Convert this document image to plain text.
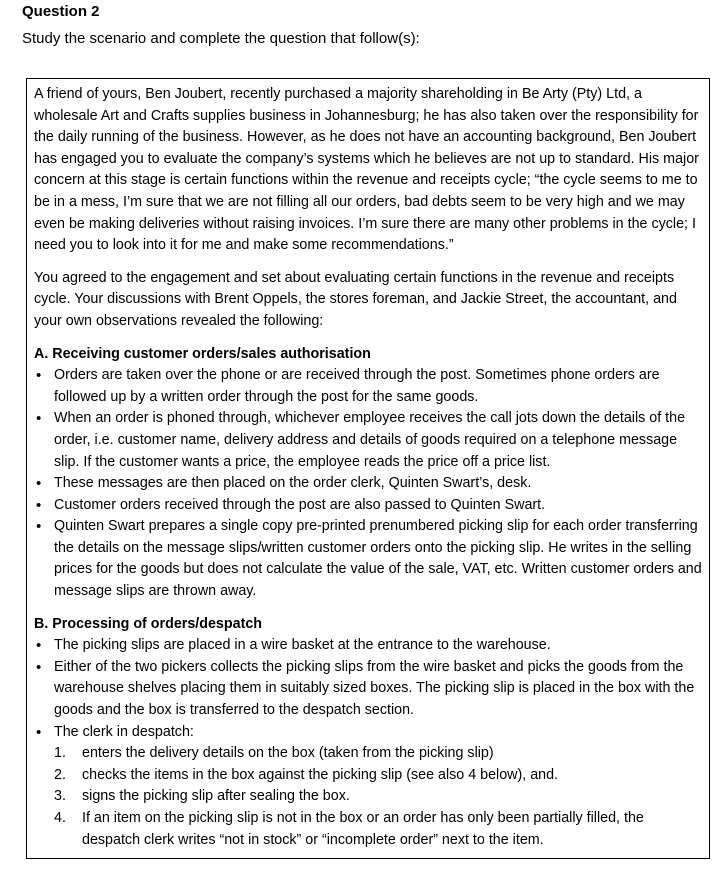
Question 2
Study the scenario and complete the question that follow(s):

A friend of yours, Ben Joubert, recently purchased a majority shareholding in Be Arty (Pty) Ltd, a wholesale Art and Crafts supplies business in Johannesburg; he has also taken over the responsibility for the daily running of the business. However, as he does not have an accounting background, Ben Joubert has engaged you to evaluate the company’s systems which he believes are not up to standard. His major concern at this stage is certain functions within the revenue and receipts cycle; “the cycle seems to me to be in a mess, I’m sure that we are not filling all our orders, bad debts seem to be very high and we may even be making deliveries without raising invoices. I’m sure there are many other problems in the cycle; I need you to look into it for me and make some recommendations.”

You agreed to the engagement and set about evaluating certain functions in the revenue and receipts cycle. Your discussions with Brent Oppels, the stores foreman, and Jackie Street, the accountant, and your own observations revealed the following:

A. Receiving customer orders/sales authorisation

• Orders are taken over the phone or are received through the post. Sometimes phone orders are followed up by a written order through the post for the same goods.
• When an order is phoned through, whichever employee receives the call jots down the details of the order, i.e. customer name, delivery address and details of goods required on a telephone message slip. If the customer wants a price, the employee reads the price off a price list.
• These messages are then placed on the order clerk, Quinten Swart’s, desk.
• Customer orders received through the post are also passed to Quinten Swart.
• Quinten Swart prepares a single copy pre-printed prenumbered picking slip for each order transferring the details on the message slips/written customer orders onto the picking slip. He writes in the selling prices for the goods but does not calculate the value of the sale, VAT, etc. Written customer orders and message slips are thrown away.

B. Processing of orders/despatch

• The picking slips are placed in a wire basket at the entrance to the warehouse.
• Either of the two pickers collects the picking slips from the wire basket and picks the goods from the warehouse shelves placing them in suitably sized boxes. The picking slip is placed in the box with the goods and the box is transferred to the despatch section.
• The clerk in despatch:
1. enters the delivery details on the box (taken from the picking slip)
2. checks the items in the box against the picking slip (see also 4 below), and.
3. signs the picking slip after sealing the box.
4. If an item on the picking slip is not in the box or an order has only been partially filled, the despatch clerk writes “not in stock” or “incomplete order” next to the item.
